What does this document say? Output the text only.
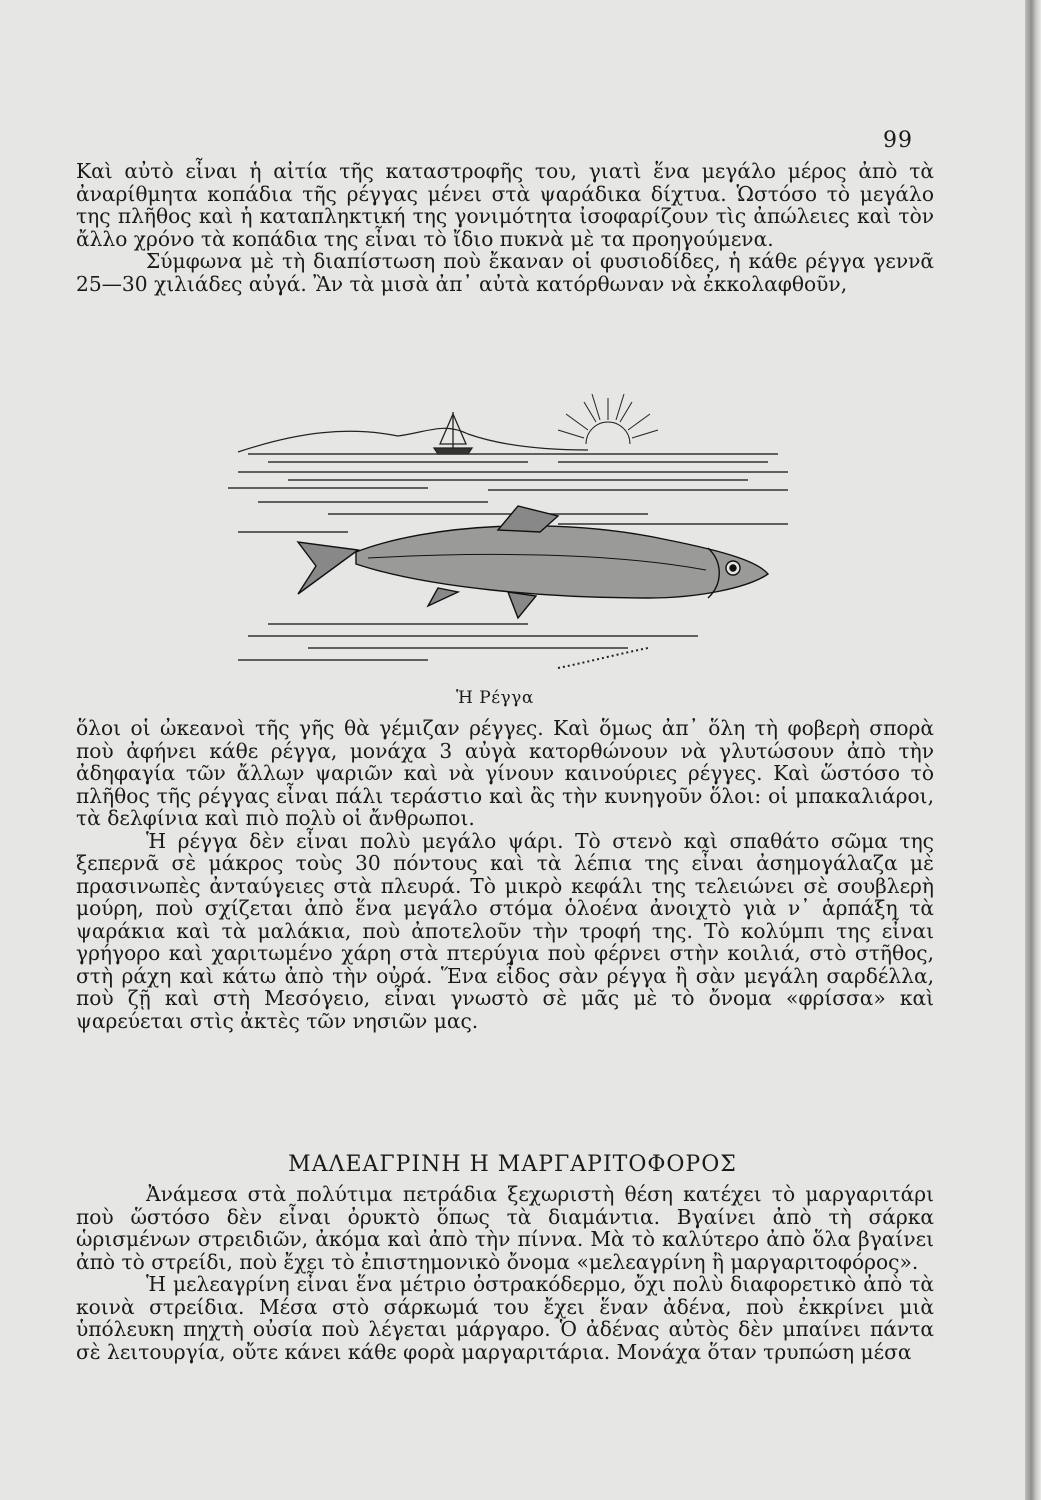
99

Καὶ αὐτὸ εἶναι ἡ αἰτία τῆς καταστροφῆς του, γιατὶ ἕνα μεγάλο μέρος ἀπὸ τὰ ἀναρίθμητα κοπάδια τῆς ρέγγας μένει στὰ ψαράδικα δίχτυα. Ὡστόσο τὸ μεγάλο της πλῆθος καὶ ἡ καταπληκτική της γονιμότητα ἰσοφαρίζουν τὶς ἀπώλειες καὶ τὸν ἄλλο χρόνο τὰ κοπάδια της εἶναι τὸ ἴδιο πυκνὰ μὲ τα προηγούμενα.

Σύμφωνα μὲ τὴ διαπίστωση ποὺ ἔκαναν οἱ φυσιοδίδες, ἡ κάθε ρέγγα γεννᾶ 25—30 χιλιάδες αὐγά. Ἂν τὰ μισὰ ἀπ᾽ αὐτὰ κατόρθωναν νὰ ἐκκολαφθοῦν,

Ἡ Ρέγγα

ὅλοι οἱ ὠκεανοὶ τῆς γῆς θὰ γέμιζαν ρέγγες. Καὶ ὅμως ἀπ᾽ ὅλη τὴ φοβερὴ σπορὰ ποὺ ἀφήνει κάθε ρέγγα, μονάχα 3 αὐγὰ κατορθώνουν νὰ γλυτώσουν ἀπὸ τὴν ἀδηφαγία τῶν ἄλλων ψαριῶν καὶ νὰ γίνουν καινούριες ρέγγες. Καὶ ὥστόσο τὸ πλῆθος τῆς ρέγγας εἶναι πάλι τεράστιο καὶ ἂς τὴν κυνηγοῦν ὅλοι: οἱ μπακαλιάροι, τὰ δελφίνια καὶ πιὸ πολὺ οἱ ἄνθρωποι.

Ἡ ρέγγα δὲν εἶναι πολὺ μεγάλο ψάρι. Τὸ στενὸ καὶ σπαθάτο σῶμα της ξεπερνᾶ σὲ μάκρος τοὺς 30 πόντους καὶ τὰ λέπια της εἶναι ἀσημογάλαζα μὲ πρασινωπὲς ἀνταύγειες στὰ πλευρά. Τὸ μικρὸ κεφάλι της τελειώνει σὲ σουβλερὴ μούρη, ποὺ σχίζεται ἀπὸ ἕνα μεγάλο στόμα ὁλοένα ἀνοιχτὸ γιὰ ν᾽ ἁρπάξη τὰ ψαράκια καὶ τὰ μαλάκια, ποὺ ἀποτελοῦν τὴν τροφή της. Τὸ κολύμπι της εἶναι γρήγορο καὶ χαριτωμένο χάρη στὰ πτερύγια ποὺ φέρνει στὴν κοιλιά, στὸ στῆθος, στὴ ράχη καὶ κάτω ἀπὸ τὴν οὐρά. Ἕνα εἶδος σὰν ρέγγα ἢ σὰν μεγάλη σαρδέλλα, ποὺ ζῇ καὶ στὴ Μεσόγειο, εἶναι γνωστὸ σὲ μᾶς μὲ τὸ ὄνομα «φρίσσα» καὶ ψαρεύεται στὶς ἀκτὲς τῶν νησιῶν μας.

ΜΑΛΕΑΓΡΙΝΗ Η ΜΑΡΓΑΡΙΤΟΦΟΡΟΣ

Ἀνάμεσα στὰ πολύτιμα πετράδια ξεχωριστὴ θέση κατέχει τὸ μαργαριτάρι ποὺ ὥστόσο δὲν εἶναι ὀρυκτὸ ὅπως τὰ διαμάντια. Βγαίνει ἀπὸ τὴ σάρκα ὡρισμένων στρειδιῶν, ἀκόμα καὶ ἀπὸ τὴν πίννα. Μὰ τὸ καλύτερο ἀπὸ ὅλα βγαίνει ἀπὸ τὸ στρείδι, ποὺ ἔχει τὸ ἐπιστημονικὸ ὄνομα «μελεαγρίνη ἢ μαργαριτοφόρος».

Ἡ μελεαγρίνη εἶναι ἕνα μέτριο ὀστρακόδερμο, ὄχι πολὺ διαφορετικὸ ἀπὸ τὰ κοινὰ στρείδια. Μέσα στὸ σάρκωμά του ἔχει ἕναν ἀδένα, ποὺ ἐκκρίνει μιὰ ὑπόλευκη πηχτὴ οὐσία ποὺ λέγεται μάργαρο. Ὁ ἀδένας αὐτὸς δὲν μπαίνει πάντα σὲ λειτουργία, οὔτε κάνει κάθε φορὰ μαργαριτάρια. Μονάχα ὅταν τρυπώση μέσα
